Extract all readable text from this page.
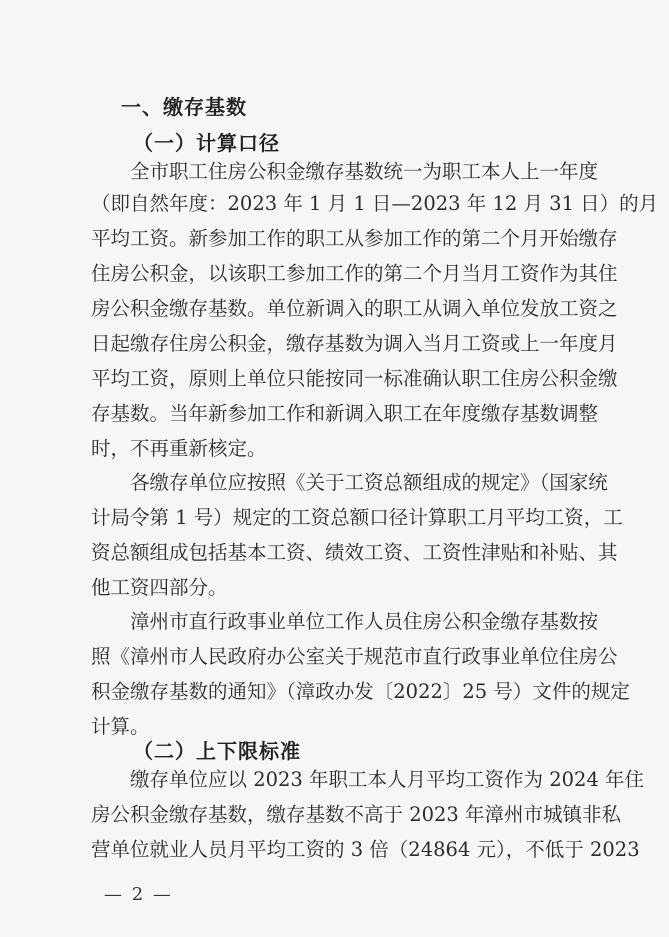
一、缴存基数
（一）计算口径
全市职工住房公积金缴存基数统一为职工本人上一年度
（即自然年度：2023 年 1 月 1 日—2023 年 12 月 31 日）的月
平均工资。新参加工作的职工从参加工作的第二个月开始缴存
住房公积金，以该职工参加工作的第二个月当月工资作为其住
房公积金缴存基数。单位新调入的职工从调入单位发放工资之
日起缴存住房公积金，缴存基数为调入当月工资或上一年度月
平均工资，原则上单位只能按同一标准确认职工住房公积金缴
存基数。当年新参加工作和新调入职工在年度缴存基数调整
时，不再重新核定。
各缴存单位应按照《关于工资总额组成的规定》（国家统
计局令第 1 号）规定的工资总额口径计算职工月平均工资，工
资总额组成包括基本工资、绩效工资、工资性津贴和补贴、其
他工资四部分。
漳州市直行政事业单位工作人员住房公积金缴存基数按
照《漳州市人民政府办公室关于规范市直行政事业单位住房公
积金缴存基数的通知》（漳政办发〔2022〕25 号）文件的规定
计算。
（二）上下限标准
缴存单位应以 2023 年职工本人月平均工资作为 2024 年住
房公积金缴存基数，缴存基数不高于 2023 年漳州市城镇非私
营单位就业人员月平均工资的 3 倍（24864 元），不低于 2023
— 2 —
